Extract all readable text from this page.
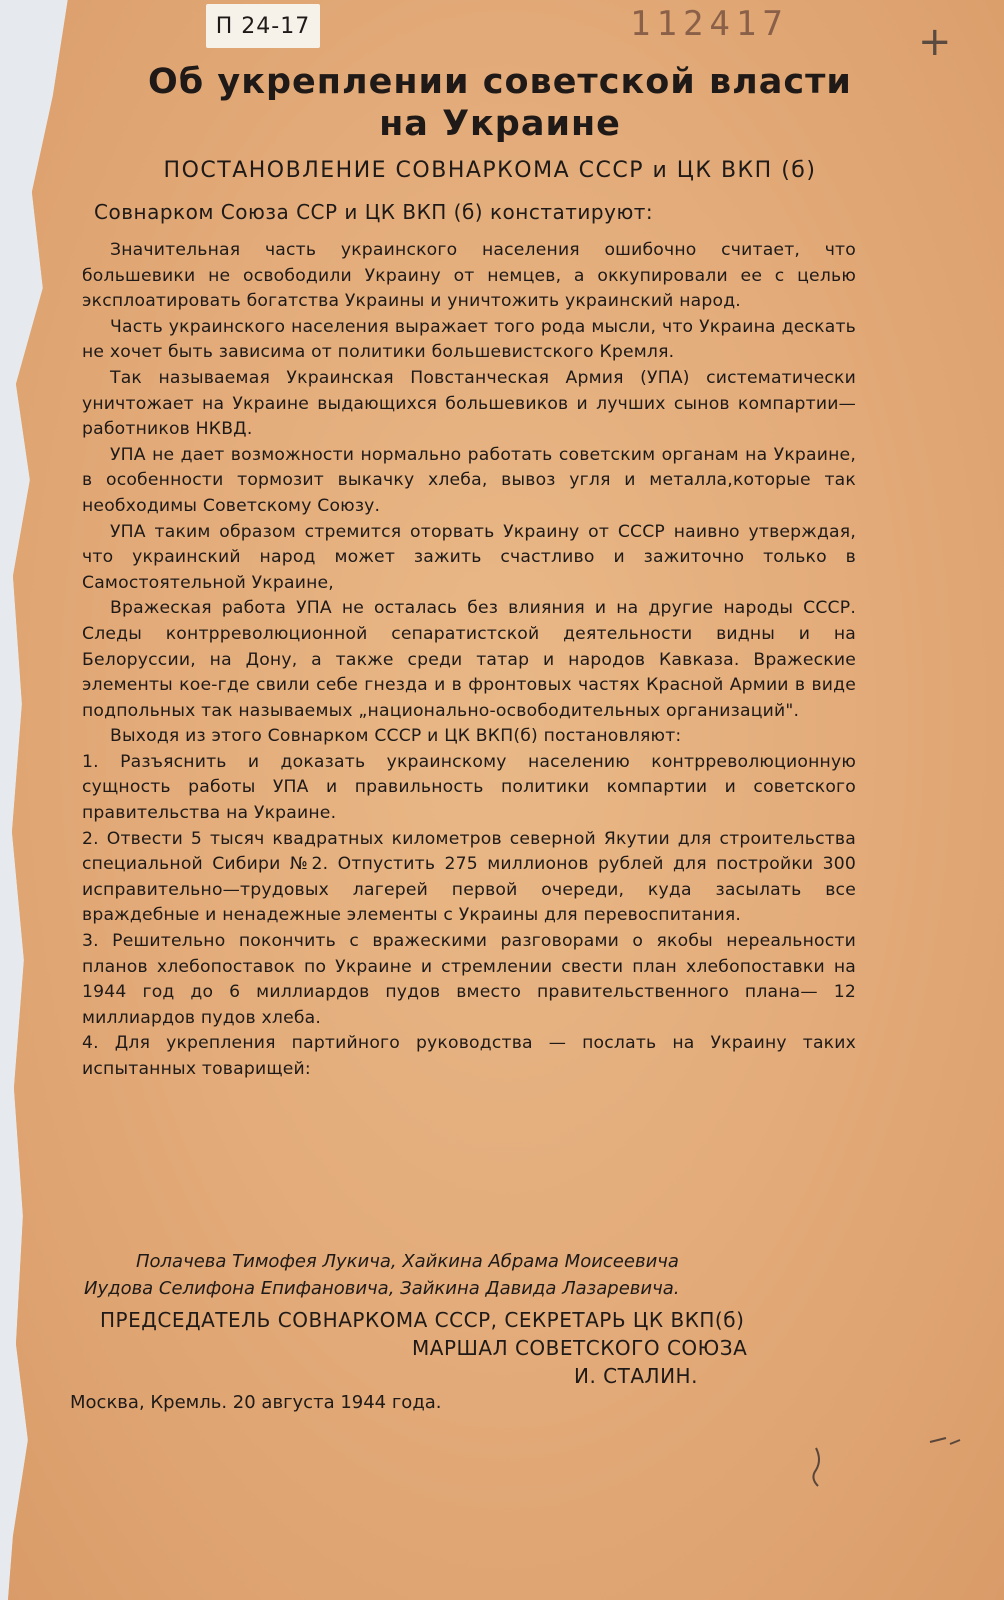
П 24-17	112417	+
Об укреплении советской власти
на Украине
ПОСТАНОВЛЕНИЕ СОВНАРКОМА СССР и ЦК ВКП (б)
Совнарком Союза ССР и ЦК ВКП (б) констатируют:

Значительная часть украинского населения ошибочно считает, что большевики не освободили Украину от немцев, а оккупировали ее с целью эксплоатировать богатства Украины и уничтожить украинский народ.

Часть украинского населения выражает того рода мысли, что Украина дескать не хочет быть зависима от политики большевистского Кремля.

Так называемая Украинская Повстанческая Армия (УПА) систематически уничтожает на Украине выдающихся большевиков и лучших сынов компартии—работников НКВД.

УПА не дает возможности нормально работать советским органам на Украине, в особенности тормозит выкачку хлеба, вывоз угля и металла,которые так необходимы Советскому Союзу.

УПА таким образом стремится оторвать Украину от СССР наивно утверждая, что украинский народ может зажить счастливо и зажиточно только в Самостоятельной Украине,

Вражеская работа УПА не осталась без влияния и на другие народы СССР. Следы контрреволюционной сепаратистской деятельности видны и на Белоруссии, на Дону, а также среди татар и народов Кавказа. Вражеские элементы кое-где свили себе гнезда и в фронтовых частях Красной Армии в виде подпольных так называемых „национально-освободительных организаций".

Выходя из этого Совнарком СССР и ЦК ВКП(б) постановляют:

1. Разъяснить и доказать украинскому населению контрреволюционную сущность работы УПА и правильность политики компартии и советского правительства на Украине.

2. Отвести 5 тысяч квадратных километров северной Якутии для строительства специальной Сибири №2. Отпустить 275 миллионов рублей для постройки 300 исправительно—трудовых лагерей первой очереди, куда засылать все враждебные и ненадежные элементы с Украины для перевоспитания.

3. Решительно покончить с вражескими разговорами о якобы нереальности планов хлебопоставок по Украине и стремлении свести план хлебопоставки на 1944 год до 6 миллиардов пудов вместо правительственного плана— 12 миллиардов пудов хлеба.

4. Для укрепления партийного руководства — послать на Украину таких испытанных товарищей:

Полачева Тимофея Лукича, Хайкина Абрама Моисеевича
Иудова Селифона Епифановича, Зайкина Давида Лазаревича.
ПРЕДСЕДАТЕЛЬ СОВНАРКОМА СССР, СЕКРЕТАРЬ ЦК ВКП(б)
МАРШАЛ СОВЕТСКОГО СОЮЗА
И. СТАЛИН.
Москва, Кремль. 20 августа 1944 года.
